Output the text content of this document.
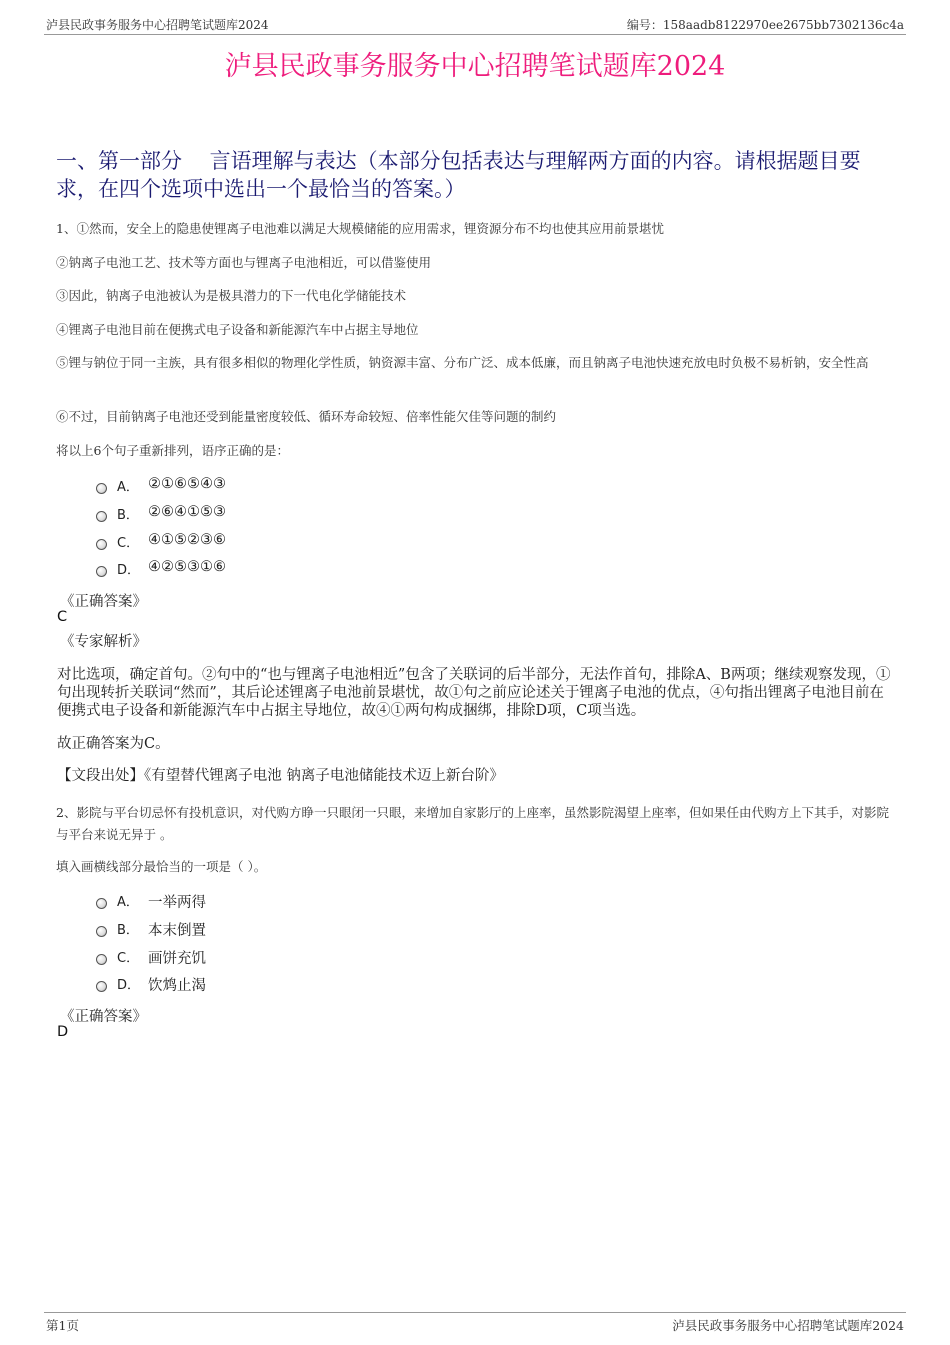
泸县民政事务服务中心招聘笔试题库2024	编号：158aadb8122970ee2675bb7302136c4a
泸县民政事务服务中心招聘笔试题库2024
一、第一部分　 言语理解与表达（本部分包括表达与理解两方面的内容。请根据题目要求，在四个选项中选出一个最恰当的答案。）
1、①然而，安全上的隐患使锂离子电池难以满足大规模储能的应用需求，锂资源分布不均也使其应用前景堪忧
②钠离子电池工艺、技术等方面也与锂离子电池相近，可以借鉴使用
③因此，钠离子电池被认为是极具潜力的下一代电化学储能技术
④锂离子电池目前在便携式电子设备和新能源汽车中占据主导地位
⑤锂与钠位于同一主族，具有很多相似的物理化学性质，钠资源丰富、分布广泛、成本低廉，而且钠离子电池快速充放电时负极不易析钠，安全性高
⑥不过，目前钠离子电池还受到能量密度较低、循环寿命较短、倍率性能欠佳等问题的制约
将以上6个句子重新排列，语序正确的是：
A． ②①⑥⑤④③
B． ②⑥④①⑤③
C． ④①⑤②③⑥
D． ④②⑤③①⑥
《正确答案》
C
《专家解析》
对比选项，确定首句。②句中的“也与锂离子电池相近”包含了关联词的后半部分，无法作首句，排除A、B两项；继续观察发现，①句出现转折关联词“然而”，其后论述锂离子电池前景堪忧，故①句之前应论述关于锂离子电池的优点，④句指出锂离子电池目前在便携式电子设备和新能源汽车中占据主导地位，故④①两句构成捆绑，排除D项，C项当选。
故正确答案为C。
【文段出处】《有望替代锂离子电池 钠离子电池储能技术迈上新台阶》
2、影院与平台切忌怀有投机意识，对代购方睁一只眼闭一只眼，来增加自家影厅的上座率，虽然影院渴望上座率，但如果任由代购方上下其手，对影院与平台来说无异于 。
填入画横线部分最恰当的一项是（ ）。
A． 一举两得
B． 本末倒置
C． 画饼充饥
D． 饮鸩止渴
《正确答案》
D
第1页	泸县民政事务服务中心招聘笔试题库2024
